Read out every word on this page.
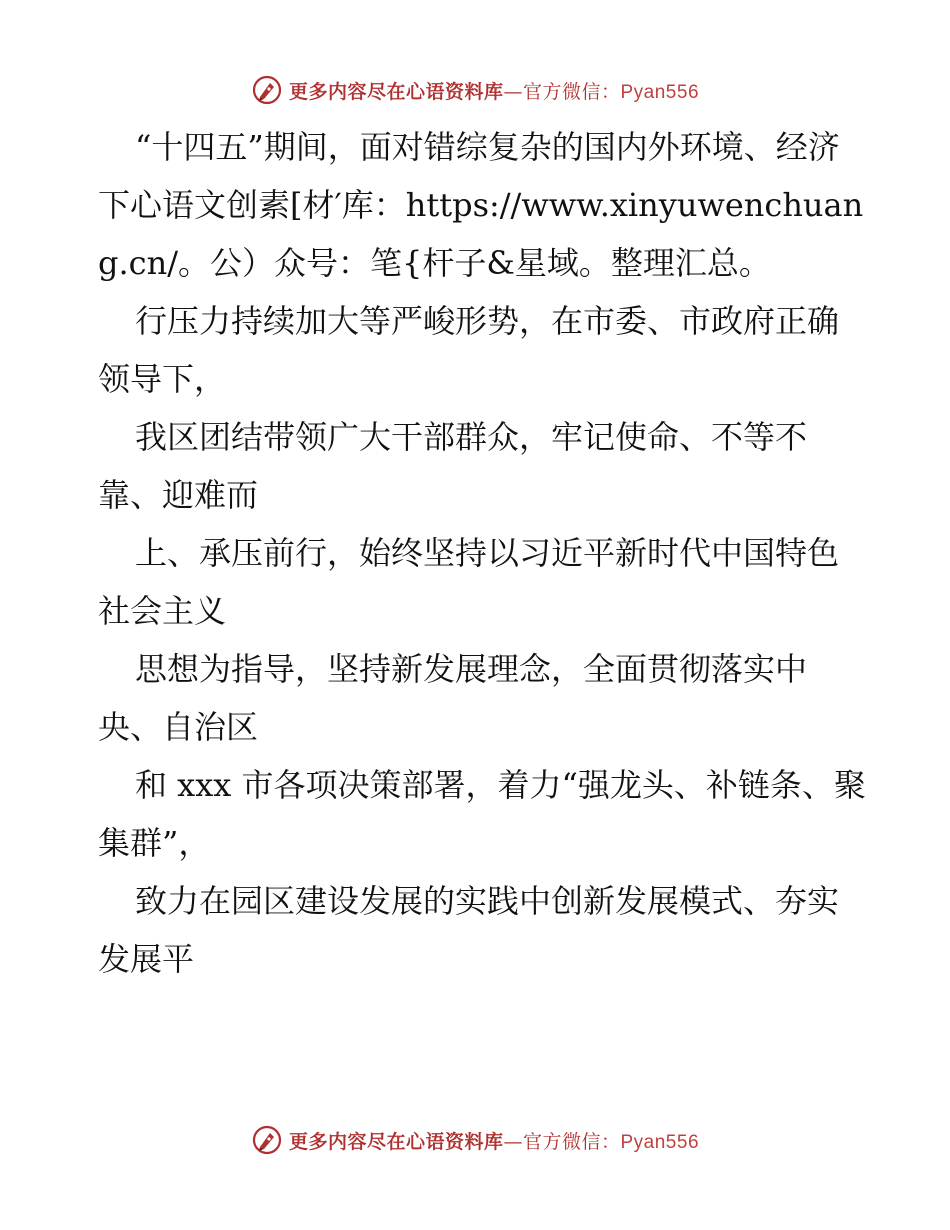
更多内容尽在心语资料库—官方微信：Pyan556

“十四五”期间，面对错综复杂的国内外环境、经济下心语文创素[材′库：https://www.xinyuwenchuang.cn/。公）众号：笔{杆子&星域。整理汇总。

行压力持续加大等严峻形势，在市委、市政府正确领导下，

我区团结带领广大干部群众，牢记使命、不等不靠、迎难而

上、承压前行，始终坚持以习近平新时代中国特色社会主义

思想为指导，坚持新发展理念，全面贯彻落实中央、自治区

和 xxx 市各项决策部署，着力“强龙头、补链条、聚集群”，

致力在园区建设发展的实践中创新发展模式、夯实发展平

更多内容尽在心语资料库—官方微信：Pyan556
